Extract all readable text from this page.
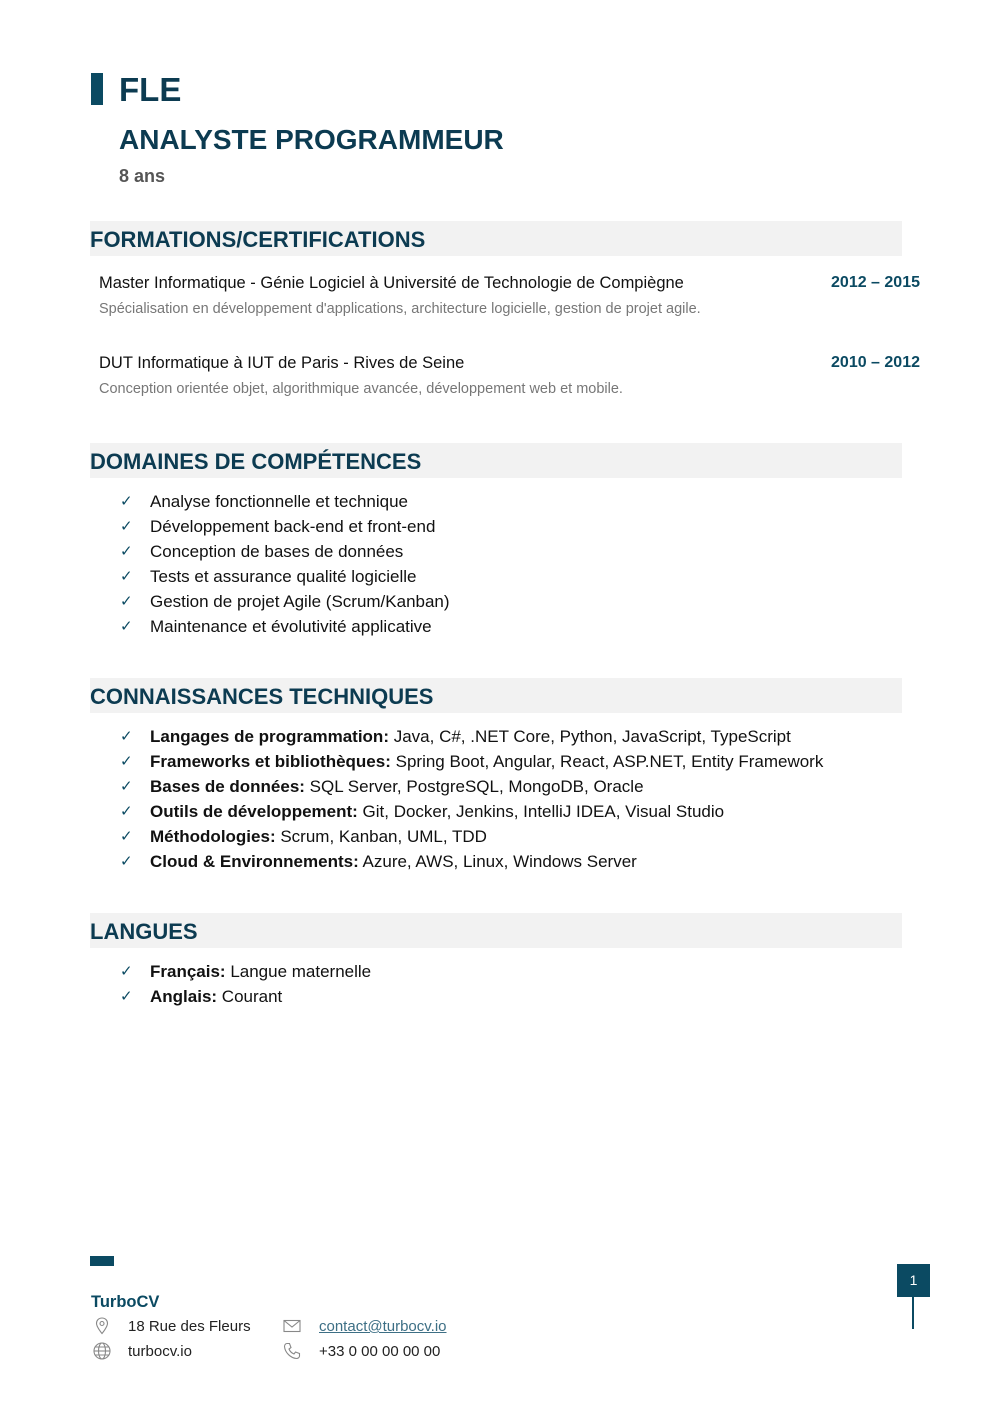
FLE
ANALYSTE PROGRAMMEUR
8 ans
FORMATIONS/CERTIFICATIONS
Master Informatique - Génie Logiciel à Université de Technologie de Compiègne	2012 – 2015
Spécialisation en développement d'applications, architecture logicielle, gestion de projet agile.
DUT Informatique à IUT de Paris - Rives de Seine	2010 – 2012
Conception orientée objet, algorithmique avancée, développement web et mobile.
DOMAINES DE COMPÉTENCES
✓	Analyse fonctionnelle et technique
✓	Développement back-end et front-end
✓	Conception de bases de données
✓	Tests et assurance qualité logicielle
✓	Gestion de projet Agile (Scrum/Kanban)
✓	Maintenance et évolutivité applicative
CONNAISSANCES TECHNIQUES
✓	Langages de programmation: Java, C#, .NET Core, Python, JavaScript, TypeScript
✓	Frameworks et bibliothèques: Spring Boot, Angular, React, ASP.NET, Entity Framework
✓	Bases de données: SQL Server, PostgreSQL, MongoDB, Oracle
✓	Outils de développement: Git, Docker, Jenkins, IntelliJ IDEA, Visual Studio
✓	Méthodologies: Scrum, Kanban, UML, TDD
✓	Cloud & Environnements: Azure, AWS, Linux, Windows Server
LANGUES
✓	Français: Langue maternelle
✓	Anglais: Courant
TurboCV
18 Rue des Fleurs
turbocv.io
contact@turbocv.io
+33 0 00 00 00 00
1
